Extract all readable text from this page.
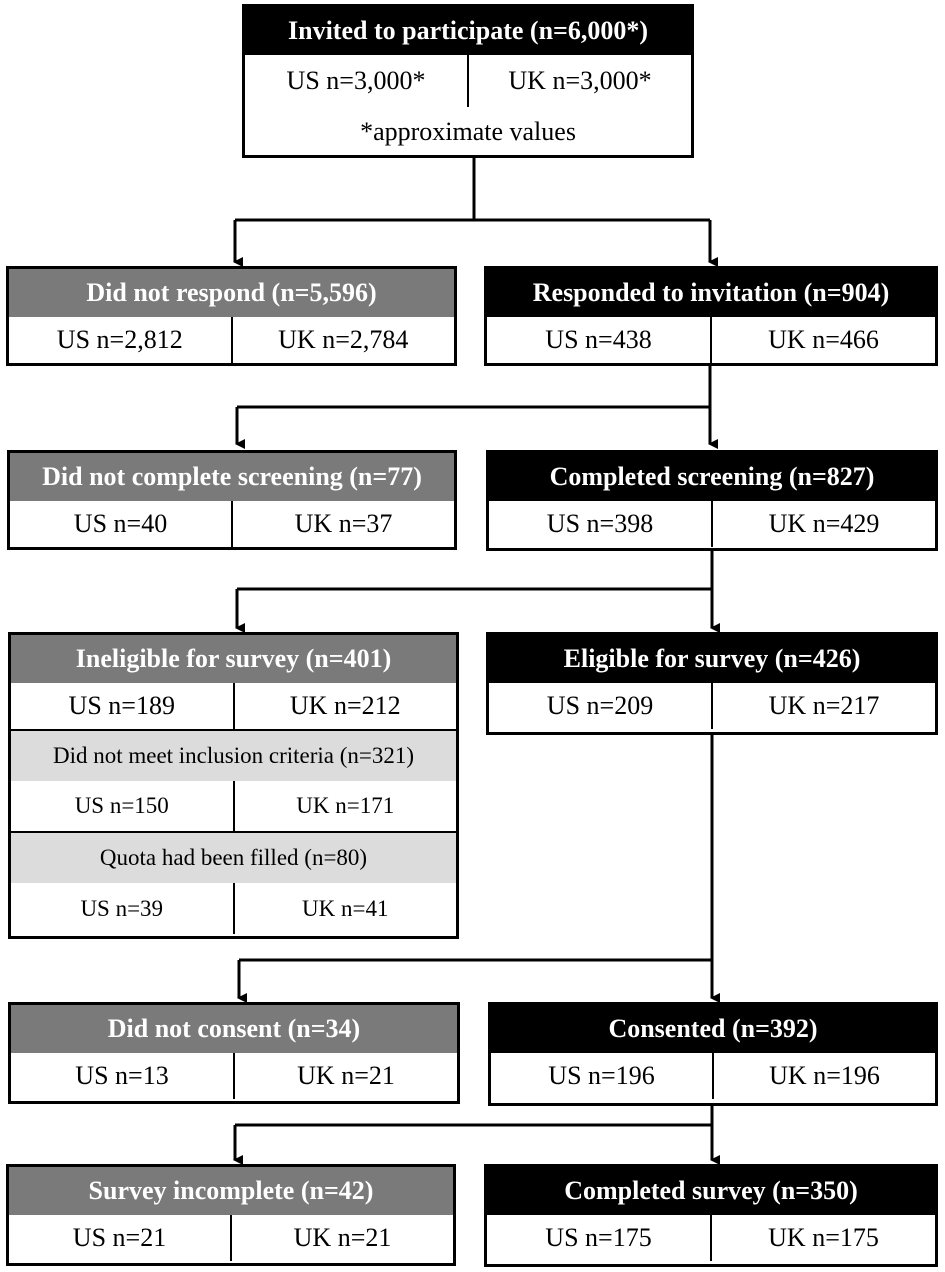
Invited to participate (n=6,000*)
US n=3,000*	UK n=3,000*
*approximate values
Did not respond (n=5,596)
US n=2,812	UK n=2,784
Responded to invitation (n=904)
US n=438	UK n=466
Did not complete screening (n=77)
US n=40	UK n=37
Completed screening (n=827)
US n=398	UK n=429
Ineligible for survey (n=401)
US n=189	UK n=212
Did not meet inclusion criteria (n=321)
US n=150	UK n=171
Quota had been filled (n=80)
US n=39	UK n=41
Eligible for survey (n=426)
US n=209	UK n=217
Did not consent (n=34)
US n=13	UK n=21
Consented (n=392)
US n=196	UK n=196
Survey incomplete (n=42)
US n=21	UK n=21
Completed survey (n=350)
US n=175	UK n=175
